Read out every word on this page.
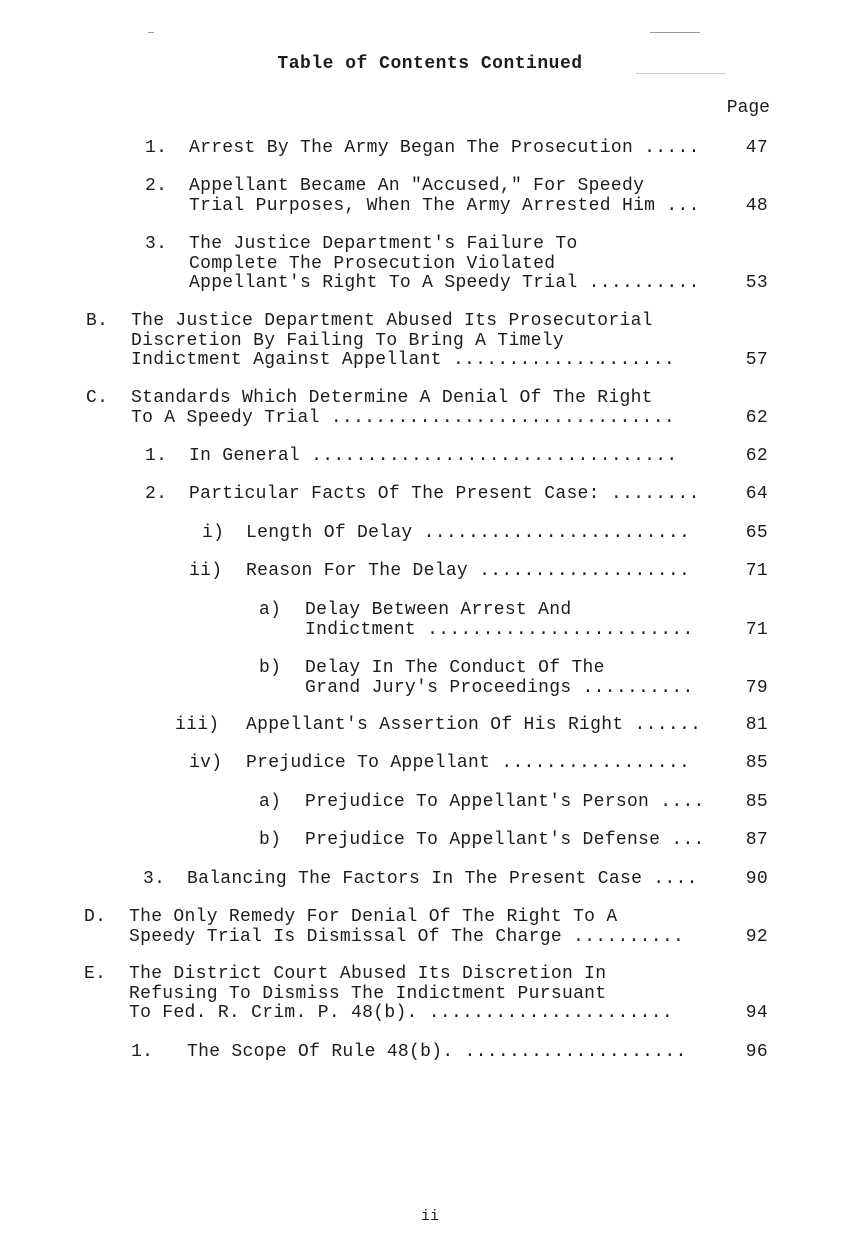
Table of Contents Continued
Page
1. Arrest By The Army Began The Prosecution .....	47
2. Appellant Became An "Accused," For Speedy
Trial Purposes, When The Army Arrested Him ...	48
3. The Justice Department's Failure To
Complete The Prosecution Violated
Appellant's Right To A Speedy Trial ..........	53
B. The Justice Department Abused Its Prosecutorial
Discretion By Failing To Bring A Timely
Indictment Against Appellant ....................	57
C. Standards Which Determine A Denial Of The Right
To A Speedy Trial ...............................	62
1. In General .................................	62
2. Particular Facts Of The Present Case: ........	64
i) Length Of Delay ........................	65
ii) Reason For The Delay ...................	71
a) Delay Between Arrest And
Indictment ........................	71
b) Delay In The Conduct Of The
Grand Jury's Proceedings ..........	79
iii) Appellant's Assertion Of His Right ......	81
iv) Prejudice To Appellant .................	85
a) Prejudice To Appellant's Person ....	85
b) Prejudice To Appellant's Defense ...	87
3. Balancing The Factors In The Present Case ....	90
D. The Only Remedy For Denial Of The Right To A
Speedy Trial Is Dismissal Of The Charge ..........	92
E. The District Court Abused Its Discretion In
Refusing To Dismiss The Indictment Pursuant
To Fed. R. Crim. P. 48(b). ......................	94
1. The Scope Of Rule 48(b). ....................	96
ii
